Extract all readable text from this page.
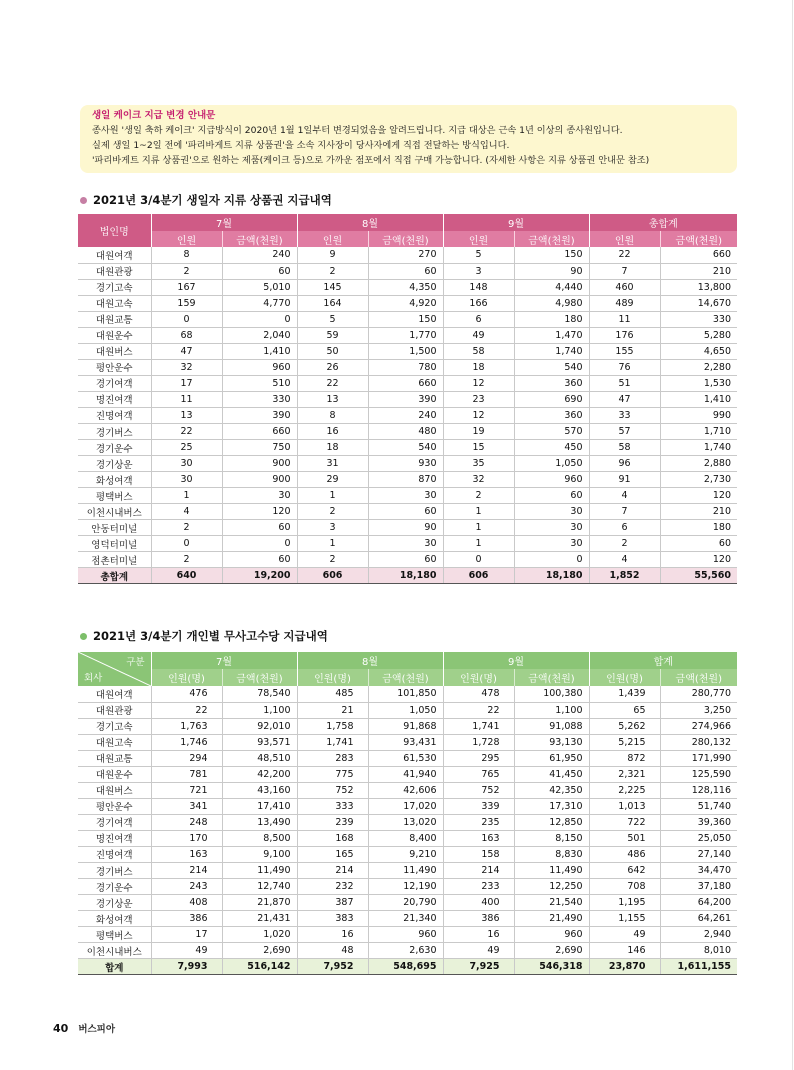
생일 케이크 지급 변경 안내문
종사원 '생일 축하 케이크' 지급방식이 2020년 1월 1일부터 변경되었음을 알려드립니다. 지급 대상은 근속 1년 이상의 종사원입니다.
실제 생일 1~2일 전에 '파리바게트 지류 상품권'을 소속 지사장이 당사자에게 직접 전달하는 방식입니다.
'파리바게트 지류 상품권'으로 원하는 제품(케이크 등)으로 가까운 점포에서 직접 구매 가능합니다. (자세한 사항은 지류 상품권 안내문 참조)
2021년 3/4분기 생일자 지류 상품권 지급내역
법인명	7월		8월		9월		총합계	
	인원	금액(천원)	인원	금액(천원)	인원	금액(천원)	인원	금액(천원)
대원여객	8	240	9	270	5	150	22	660
대원관광	2	60	2	60	3	90	7	210
경기고속	167	5,010	145	4,350	148	4,440	460	13,800
대원고속	159	4,770	164	4,920	166	4,980	489	14,670
대원교통	0	0	5	150	6	180	11	330
대원운수	68	2,040	59	1,770	49	1,470	176	5,280
대원버스	47	1,410	50	1,500	58	1,740	155	4,650
평안운수	32	960	26	780	18	540	76	2,280
경기여객	17	510	22	660	12	360	51	1,530
명진여객	11	330	13	390	23	690	47	1,410
진명여객	13	390	8	240	12	360	33	990
경기버스	22	660	16	480	19	570	57	1,710
경기운수	25	750	18	540	15	450	58	1,740
경기상운	30	900	31	930	35	1,050	96	2,880
화성여객	30	900	29	870	32	960	91	2,730
평택버스	1	30	1	30	2	60	4	120
이천시내버스	4	120	2	60	1	30	7	210
안동터미널	2	60	3	90	1	30	6	180
영덕터미널	0	0	1	30	1	30	2	60
점촌터미널	2	60	2	60	0	0	4	120
총합계	640	19,200	606	18,180	606	18,180	1,852	55,560
2021년 3/4분기 개인별 무사고수당 지급내역
구분
회사	7월		8월		9월		합계	
	인원(명)	금액(천원)	인원(명)	금액(천원)	인원(명)	금액(천원)	인원(명)	금액(천원)
대원여객	476	78,540	485	101,850	478	100,380	1,439	280,770
대원관광	22	1,100	21	1,050	22	1,100	65	3,250
경기고속	1,763	92,010	1,758	91,868	1,741	91,088	5,262	274,966
대원고속	1,746	93,571	1,741	93,431	1,728	93,130	5,215	280,132
대원교통	294	48,510	283	61,530	295	61,950	872	171,990
대원운수	781	42,200	775	41,940	765	41,450	2,321	125,590
대원버스	721	43,160	752	42,606	752	42,350	2,225	128,116
평안운수	341	17,410	333	17,020	339	17,310	1,013	51,740
경기여객	248	13,490	239	13,020	235	12,850	722	39,360
명진여객	170	8,500	168	8,400	163	8,150	501	25,050
진명여객	163	9,100	165	9,210	158	8,830	486	27,140
경기버스	214	11,490	214	11,490	214	11,490	642	34,470
경기운수	243	12,740	232	12,190	233	12,250	708	37,180
경기상운	408	21,870	387	20,790	400	21,540	1,195	64,200
화성여객	386	21,431	383	21,340	386	21,490	1,155	64,261
평택버스	17	1,020	16	960	16	960	49	2,940
이천시내버스	49	2,690	48	2,630	49	2,690	146	8,010
합계	7,993	516,142	7,952	548,695	7,925	546,318	23,870	1,611,155
40 버스피아
